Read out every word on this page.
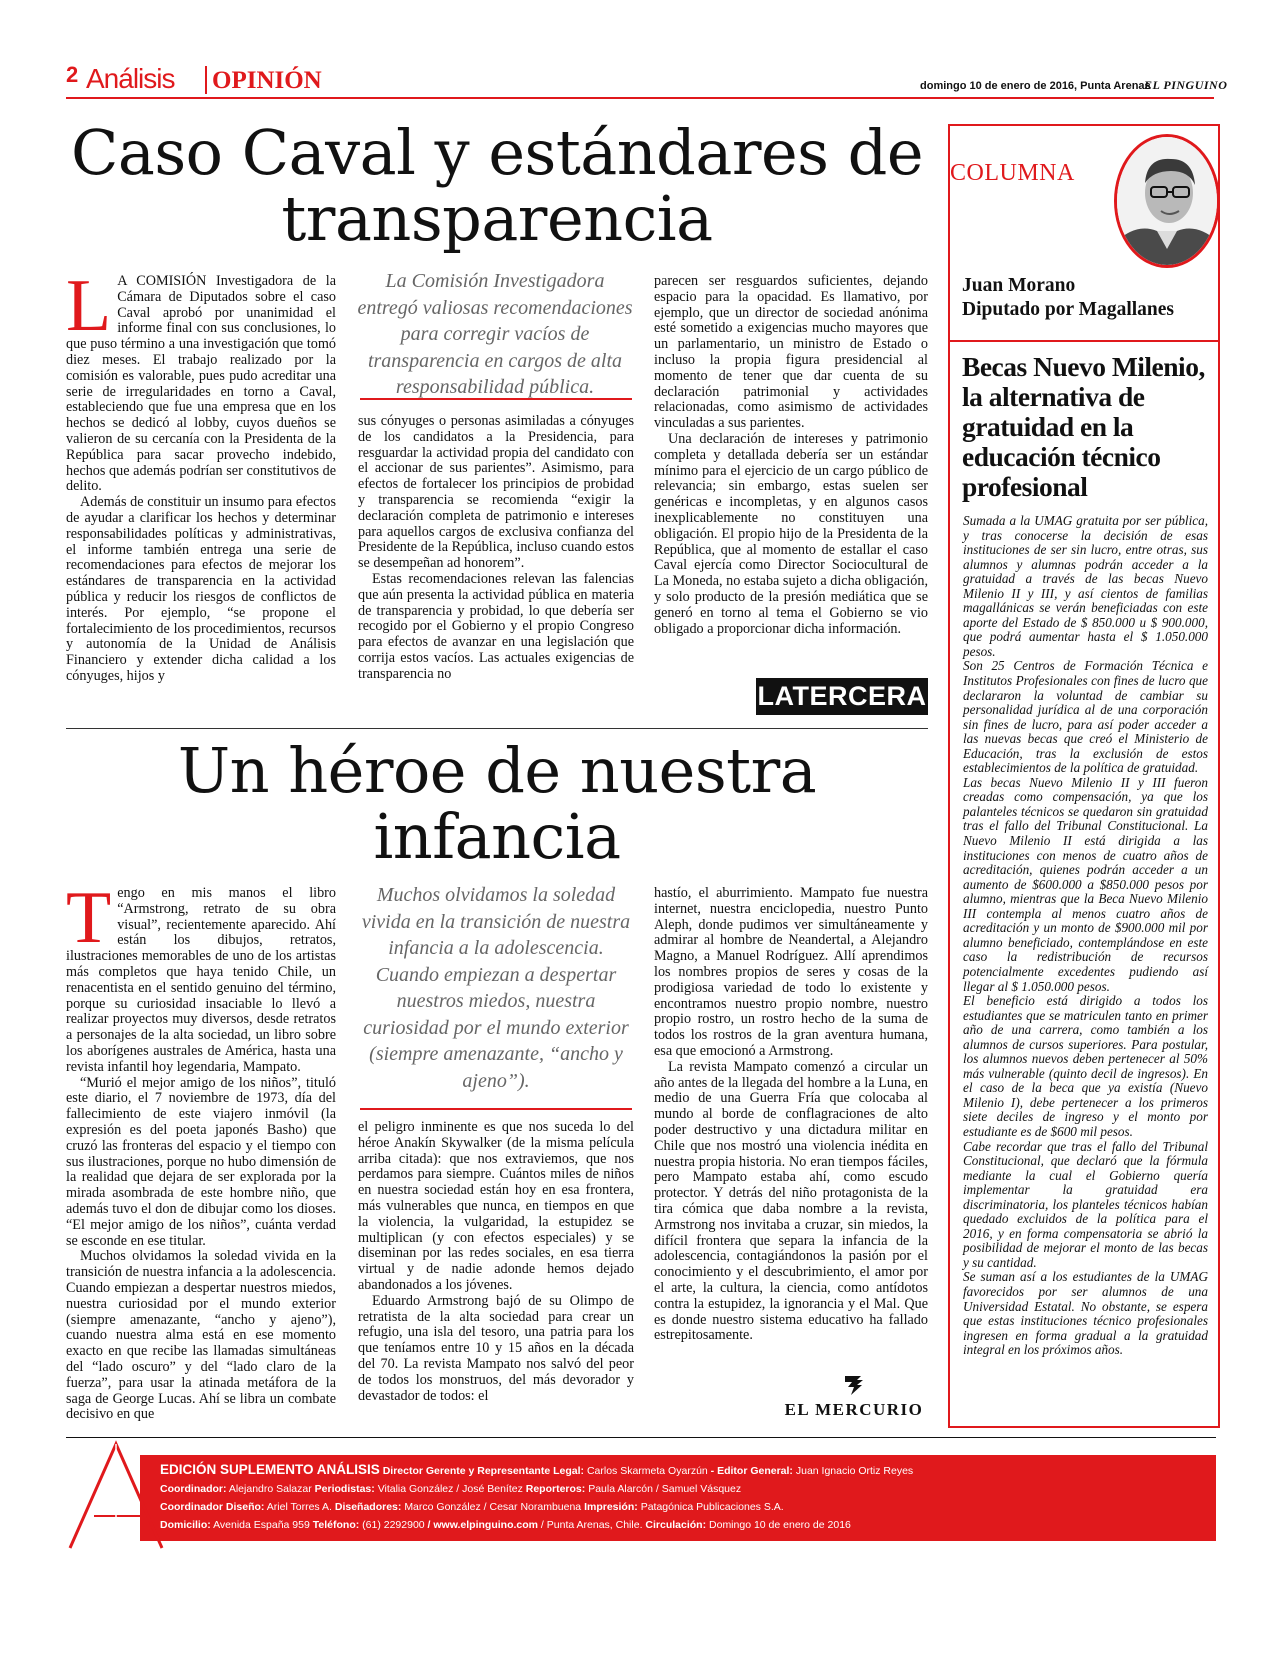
2 Análisis OPINIÓN	domingo 10 de enero de 2016, Punta Arenas
EL PINGUINO
Caso Caval y estándares de
transparencia

L A COMISIÓN Investigadora de la Cámara de Diputados sobre el caso Caval aprobó por unanimidad el informe final con sus conclusiones, lo que puso término a una investigación que tomó diez meses. El trabajo realizado por la comisión es valorable, pues pudo acreditar una serie de irregularidades en torno a Caval, estableciendo que fue una empresa que en los hechos se dedicó al lobby, cuyos dueños se valieron de su cercanía con la Presidenta de la República para sacar provecho indebido, hechos que además podrían ser constitutivos de delito.

Además de constituir un insumo para efectos de ayudar a clarificar los hechos y determinar responsabilidades políticas y administrativas, el informe también entrega una serie de recomendaciones para efectos de mejorar los estándares de transparencia en la actividad pública y reducir los riesgos de conflictos de interés. Por ejemplo, “se propone el fortalecimiento de los procedimientos, recursos y autonomía de la Unidad de Análisis Financiero y extender dicha calidad a los cónyuges, hijos y

La Comisión Investigadora entregó valiosas recomendaciones para corregir vacíos de transparencia en cargos de alta responsabilidad pública.

sus cónyuges o personas asimiladas a cónyuges de los candidatos a la Presidencia, para resguardar la actividad propia del candidato con el accionar de sus parientes”. Asimismo, para efectos de fortalecer los principios de probidad y transparencia se recomienda “exigir la declaración completa de patrimonio e intereses para aquellos cargos de exclusiva confianza del Presidente de la República, incluso cuando estos se desempeñan ad honorem”.

Estas recomendaciones relevan las falencias que aún presenta la actividad pública en materia de transparencia y probidad, lo que debería ser recogido por el Gobierno y el propio Congreso para efectos de avanzar en una legislación que corrija estos vacíos. Las actuales exigencias de transparencia no

parecen ser resguardos suficientes, dejando espacio para la opacidad. Es llamativo, por ejemplo, que un director de sociedad anónima esté sometido a exigencias mucho mayores que un parlamentario, un ministro de Estado o incluso la propia figura presidencial al momento de tener que dar cuenta de su declaración patrimonial y actividades relacionadas, como asimismo de actividades vinculadas a sus parientes.

Una declaración de intereses y patrimonio completa y detallada debería ser un estándar mínimo para el ejercicio de un cargo público de relevancia; sin embargo, estas suelen ser genéricas e incompletas, y en algunos casos inexplicablemente no constituyen una obligación. El propio hijo de la Presidenta de la República, que al momento de estallar el caso Caval ejercía como Director Sociocultural de La Moneda, no estaba sujeto a dicha obligación, y solo producto de la presión mediática que se generó en torno al tema el Gobierno se vio obligado a proporcionar dicha información.

LATERCERA
Un héroe de nuestra
infancia

Tengo en mis manos el libro “Armstrong, retrato de su obra visual”, recientemente aparecido. Ahí están los dibujos, retratos, ilustraciones memorables de uno de los artistas más completos que haya tenido Chile, un renacentista en el sentido genuino del término, porque su curiosidad insaciable lo llevó a realizar proyectos muy diversos, desde retratos a personajes de la alta sociedad, un libro sobre los aborígenes australes de América, hasta una revista infantil hoy legendaria, Mampato.

“Murió el mejor amigo de los niños”, tituló este diario, el 7 noviembre de 1973, día del fallecimiento de este viajero inmóvil (la expresión es del poeta japonés Basho) que cruzó las fronteras del espacio y el tiempo con sus ilustraciones, porque no hubo dimensión de la realidad que dejara de ser explorada por la mirada asombrada de este hombre niño, que además tuvo el don de dibujar como los dioses. “El mejor amigo de los niños”, cuánta verdad se esconde en ese titular.

Muchos olvidamos la soledad vivida en la transición de nuestra infancia a la adolescencia. Cuando empiezan a despertar nuestros miedos, nuestra curiosidad por el mundo exterior (siempre amenazante, “ancho y ajeno”), cuando nuestra alma está en ese momento exacto en que recibe las llamadas simultáneas del “lado oscuro” y del “lado claro de la fuerza”, para usar la atinada metáfora de la saga de George Lucas. Ahí se libra un combate decisivo en que

Muchos olvidamos la soledad vivida en la transición de nuestra infancia a la adolescencia. Cuando empiezan a despertar nuestros miedos, nuestra curiosidad por el mundo exterior (siempre amenazante, “ancho y ajeno”).

el peligro inminente es que nos suceda lo del héroe Anakín Skywalker (de la misma película arriba citada): que nos extraviemos, que nos perdamos para siempre. Cuántos miles de niños en nuestra sociedad están hoy en esa frontera, más vulnerables que nunca, en tiempos en que la violencia, la vulgaridad, la estupidez se multiplican (y con efectos especiales) y se diseminan por las redes sociales, en esa tierra virtual y de nadie adonde hemos dejado abandonados a los jóvenes.

Eduardo Armstrong bajó de su Olimpo de retratista de la alta sociedad para crear un refugio, una isla del tesoro, una patria para los que teníamos entre 10 y 15 años en la década del 70. La revista Mampato nos salvó del peor de todos los monstruos, del más devorador y devastador de todos: el

hastío, el aburrimiento. Mampato fue nuestra internet, nuestra enciclopedia, nuestro Punto Aleph, donde pudimos ver simultáneamente y admirar al hombre de Neandertal, a Alejandro Magno, a Manuel Rodríguez. Allí aprendimos los nombres propios de seres y cosas de la prodigiosa variedad de todo lo existente y encontramos nuestro propio nombre, nuestro propio rostro, un rostro hecho de la suma de todos los rostros de la gran aventura humana, esa que emocionó a Armstrong.

La revista Mampato comenzó a circular un año antes de la llegada del hombre a la Luna, en medio de una Guerra Fría que colocaba al mundo al borde de conflagraciones de alto poder destructivo y una dictadura militar en Chile que nos mostró una violencia inédita en nuestra propia historia. No eran tiempos fáciles, pero Mampato estaba ahí, como escudo protector. Y detrás del niño protagonista de la tira cómica que daba nombre a la revista, Armstrong nos invitaba a cruzar, sin miedos, la difícil frontera que separa la infancia de la adolescencia, contagiándonos la pasión por el conocimiento y el descubrimiento, el amor por el arte, la cultura, la ciencia, como antídotos contra la estupidez, la ignorancia y el Mal. Que es donde nuestro sistema educativo ha fallado estrepitosamente.

EL MERCURIO
COLUMNA
Juan Morano
Diputado por Magallanes
Becas Nuevo Milenio, la alternativa de gratuidad en la educación técnico profesional

Sumada a la UMAG gratuita por ser pública, y tras conocerse la decisión de esas instituciones de ser sin lucro, entre otras, sus alumnos y alumnas podrán acceder a la gratuidad a través de las becas Nuevo Milenio II y III, y así cientos de familias magallánicas se verán beneficiadas con este aporte del Estado de $ 850.000 u $ 900.000, que podrá aumentar hasta el $ 1.050.000 pesos.

Son 25 Centros de Formación Técnica e Institutos Profesionales con fines de lucro que declararon la voluntad de cambiar su personalidad jurídica al de una corporación sin fines de lucro, para así poder acceder a las nuevas becas que creó el Ministerio de Educación, tras la exclusión de estos establecimientos de la política de gratuidad.

Las becas Nuevo Milenio II y III fueron creadas como compensación, ya que los palanteles técnicos se quedaron sin gratuidad tras el fallo del Tribunal Constitucional. La Nuevo Milenio II está dirigida a las instituciones con menos de cuatro años de acreditación, quienes podrán acceder a un aumento de $600.000 a $850.000 pesos por alumno, mientras que la Beca Nuevo Milenio III contempla al menos cuatro años de acreditación y un monto de $900.000 mil por alumno beneficiado, contemplándose en este caso la redistribución de recursos potencialmente excedentes pudiendo así llegar al $ 1.050.000 pesos.

El beneficio está dirigido a todos los estudiantes que se matriculen tanto en primer año de una carrera, como también a los alumnos de cursos superiores. Para postular, los alumnos nuevos deben pertenecer al 50% más vulnerable (quinto decil de ingresos). En el caso de la beca que ya existía (Nuevo Milenio I), debe pertenecer a los primeros siete deciles de ingreso y el monto por estudiante es de $600 mil pesos.

Cabe recordar que tras el fallo del Tribunal Constitucional, que declaró que la fórmula mediante la cual el Gobierno quería implementar la gratuidad era discriminatoria, los planteles técnicos habían quedado excluidos de la política para el 2016, y en forma compensatoria se abrió la posibilidad de mejorar el monto de las becas y su cantidad.

Se suman así a los estudiantes de la UMAG favorecidos por ser alumnos de una Universidad Estatal. No obstante, se espera que estas instituciones técnico profesionales ingresen en forma gradual a la gratuidad integral en los próximos años.

EDICIÓN SUPLEMENTO ANÁLISIS Director Gerente y Representante Legal: Carlos Skarmeta Oyarzún - Editor General: Juan Ignacio Ortiz Reyes
Coordinador: Alejandro Salazar Periodistas: Vitalia González / José Benítez Reporteros: Paula Alarcón / Samuel Vásquez
Coordinador Diseño: Ariel Torres A. Diseñadores: Marco González / Cesar Norambuena Impresión: Patagónica Publicaciones S.A.
Domicilio: Avenida España 959 Teléfono: (61) 2292900 / www.elpinguino.com / Punta Arenas, Chile. Circulación: Domingo 10 de enero de 2016
